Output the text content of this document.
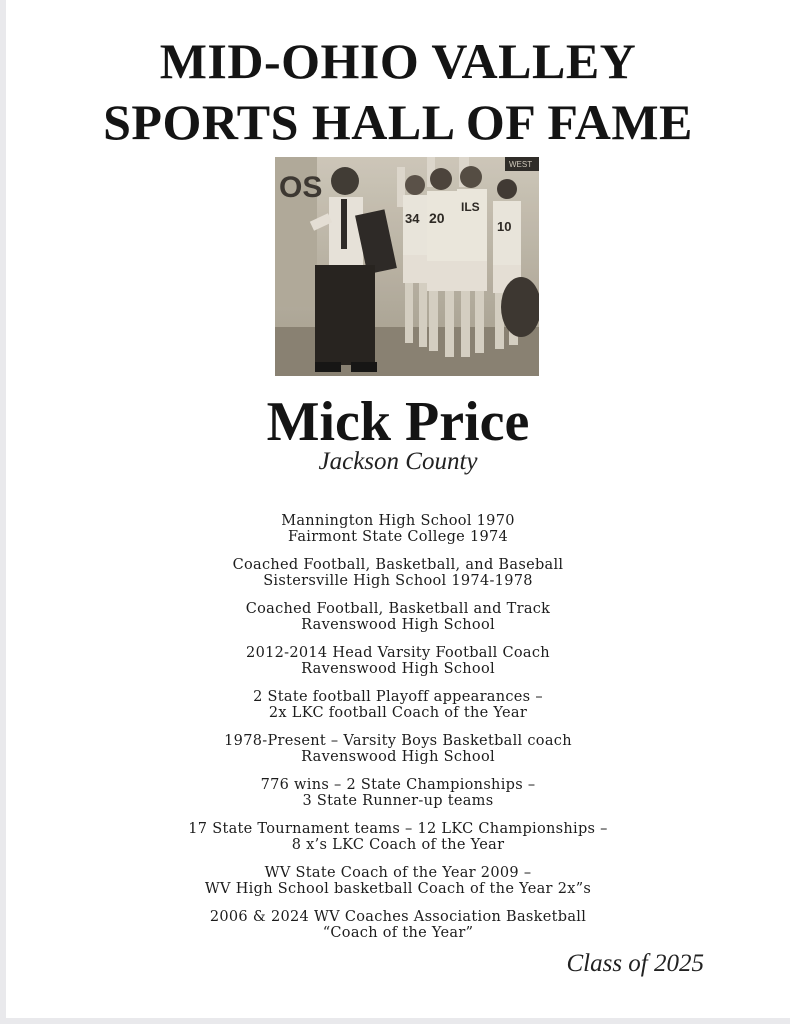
MID-OHIO VALLEY
SPORTS HALL OF FAME
OS
WEST
34 20
ILS
10
Mick Price
Jackson County
Mannington High School 1970
Fairmont State College 1974
Coached Football, Basketball, and Baseball
Sistersville High School 1974-1978
Coached Football, Basketball and Track
Ravenswood High School
2012-2014 Head Varsity Football Coach
Ravenswood High School
2 State football Playoff appearances –
2x LKC football Coach of the Year
1978-Present – Varsity Boys Basketball coach
Ravenswood High School
776 wins – 2 State Championships –
3 State Runner-up teams
17 State Tournament teams – 12 LKC Championships –
8 x’s LKC Coach of the Year
WV State Coach of the Year 2009 –
WV High School basketball Coach of the Year 2x”s
2006 & 2024 WV Coaches Association Basketball
“Coach of the Year”
Class of 2025
